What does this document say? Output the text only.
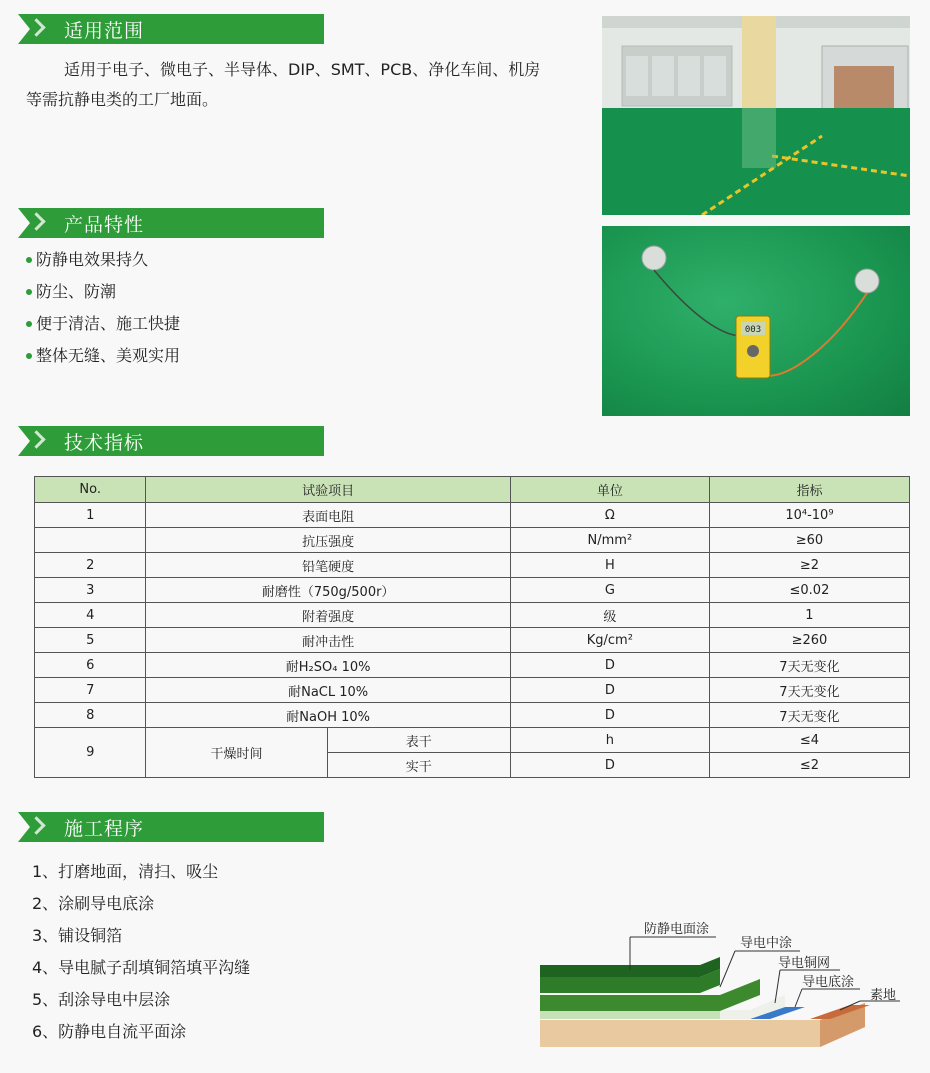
适用范围
适用于电子、微电子、半导体、DIP、SMT、PCB、净化车间、机房
等需抗静电类的工厂地面。
产品特性
防静电效果持久
防尘、防潮
便于清洁、施工快捷
整体无缝、美观实用
003
技术指标
No.	试验项目		单位	指标
1	表面电阻		Ω	10⁴-10⁹
	抗压强度		N/mm²	≥60
2	铅笔硬度		H	≥2
3	耐磨性（750g/500r）		G	≤0.02
4	附着强度		级	1
5	耐冲击性		Kg/cm²	≥260
6	耐H₂SO₄ 10%		D	7天无变化
7	耐NaCL 10%		D	7天无变化
8	耐NaOH 10%		D	7天无变化
9	干燥时间	表干	h	≤4
		实干	D	≤2
施工程序
1、打磨地面，清扫、吸尘
2、涂刷导电底涂
3、铺设铜箔
4、导电腻子刮填铜箔填平沟缝
5、刮涂导电中层涂
6、防静电自流平面涂
防静电面涂
导电中涂
导电铜网
导电底涂
素地
